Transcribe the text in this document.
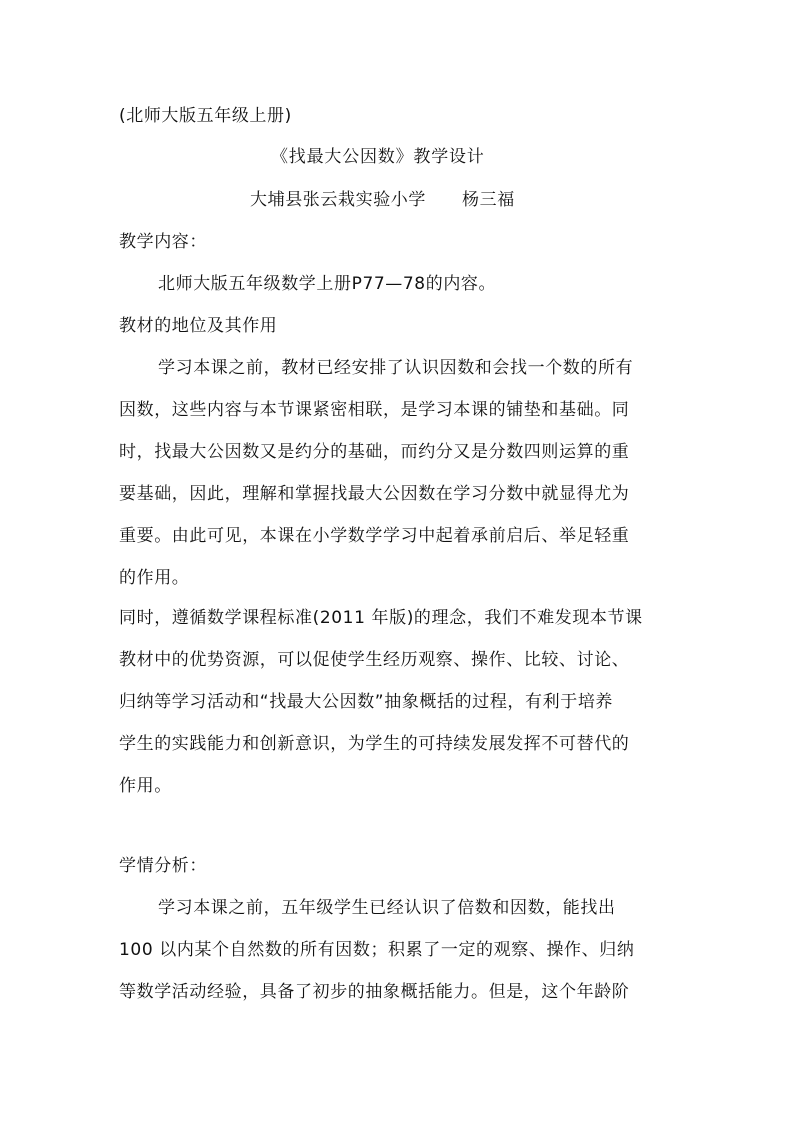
(北师大版五年级上册)
《找最大公因数》教学设计
大埔县张云栽实验小学 杨三福
教学内容：
北师大版五年级数学上册P77—78的内容。
教材的地位及其作用
学习本课之前，教材已经安排了认识因数和会找一个数的所有
因数，这些内容与本节课紧密相联，是学习本课的铺垫和基础。同
时，找最大公因数又是约分的基础，而约分又是分数四则运算的重
要基础，因此，理解和掌握找最大公因数在学习分数中就显得尤为
重要。由此可见，本课在小学数学学习中起着承前启后、举足轻重
的作用。
同时，遵循数学课程标准(2011 年版)的理念，我们不难发现本节课
教材中的优势资源，可以促使学生经历观察、操作、比较、讨论、
归纳等学习活动和“找最大公因数”抽象概括的过程，有利于培养
学生的实践能力和创新意识，为学生的可持续发展发挥不可替代的
作用。
学情分析：
学习本课之前，五年级学生已经认识了倍数和因数，能找出
100 以内某个自然数的所有因数；积累了一定的观察、操作、归纳
等数学活动经验，具备了初步的抽象概括能力。但是，这个年龄阶
